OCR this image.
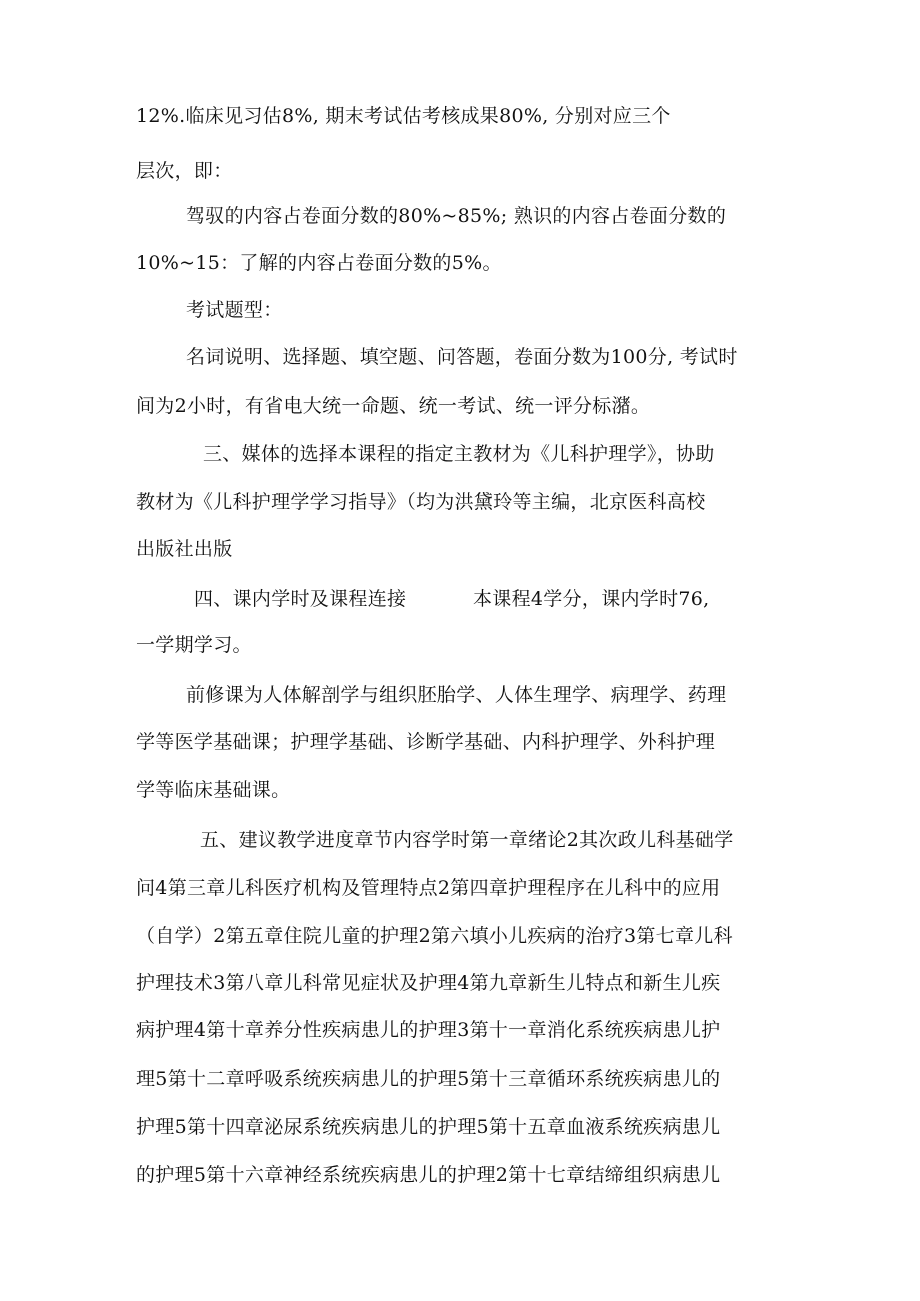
12%.临床见习估8%, 期末考试估考核成果80%, 分别对应三个

层次，即：

驾驭的内容占卷面分数的80%~85%; 熟识的内容占卷面分数的

10%~15：了解的内容占卷面分数的5%。

考试题型：

名词说明、选择题、填空题、问答题，卷面分数为100分, 考试时

间为2小时，有省电大统一命题、统一考试、统一评分标潴。

三、媒体的选择本课程的指定主教材为《儿科护理学》，协助

教材为《儿科护理学学习指导》（均为洪黛玲等主编，北京医科高校

出版社出版

四、课内学时及课程连接	本课程4学分，课内学时76,

一学期学习。

前修课为人体解剖学与组织胚胎学、人体生理学、病理学、药理

学等医学基础课；护理学基础、诊断学基础、内科护理学、外科护理

学等临床基础课。

五、建议教学进度章节内容学时第一章绪论2其次政儿科基础学

问4第三章儿科医疗机构及管理特点2第四章护理程序在儿科中的应用

（自学）2第五章住院儿童的护理2第六填小儿疾病的治疗3第七章儿科

护理技术3第八章儿科常见症状及护理4第九章新生儿特点和新生儿疾

病护理4第十章养分性疾病患儿的护理3第十一章消化系统疾病患儿护

理5第十二章呼吸系统疾病患儿的护理5第十三章循环系统疾病患儿的

护理5第十四章泌尿系统疾病患儿的护理5第十五章血液系统疾病患儿

的护理5第十六章神经系统疾病患儿的护理2第十七章结缔组织病患儿
